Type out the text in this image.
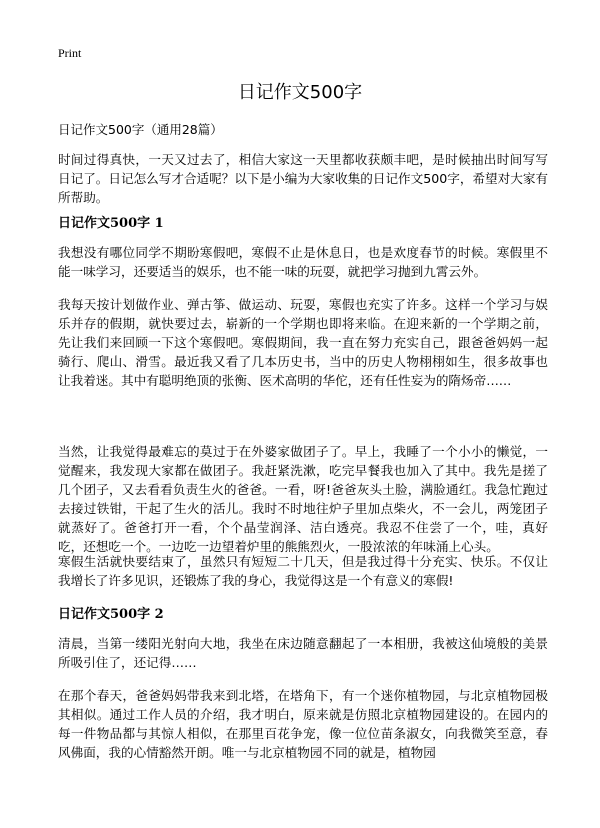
Print
日记作文500字
日记作文500字（通用28篇）

时间过得真快，一天又过去了，相信大家这一天里都收获颇丰吧，是时候抽出时间写写日记了。日记怎么写才合适呢？以下是小编为大家收集的日记作文500字，希望对大家有所帮助。

日记作文500字 1

我想没有哪位同学不期盼寒假吧，寒假不止是休息日，也是欢度春节的时候。寒假里不能一味学习，还要适当的娱乐，也不能一味的玩耍，就把学习抛到九霄云外。

我每天按计划做作业、弹古筝、做运动、玩耍，寒假也充实了许多。这样一个学习与娱乐并存的假期，就快要过去，崭新的一个学期也即将来临。在迎来新的一个学期之前，先让我们来回顾一下这个寒假吧。寒假期间，我一直在努力充实自己，跟爸爸妈妈一起骑行、爬山、滑雪。最近我又看了几本历史书，当中的历史人物栩栩如生，很多故事也让我着迷。其中有聪明绝顶的张衡、医术高明的华佗，还有任性妄为的隋炀帝……

当然，让我觉得最难忘的莫过于在外婆家做团子了。早上，我睡了一个小小的懒觉，一觉醒来，我发现大家都在做团子。我赶紧洗漱，吃完早餐我也加入了其中。我先是搓了几个团子，又去看看负责生火的爸爸。一看，呀!爸爸灰头土脸，满脸通红。我急忙跑过去接过铁钳，干起了生火的活儿。我时不时地往炉子里加点柴火，不一会儿，两笼团子就蒸好了。爸爸打开一看，个个晶莹润泽、洁白透亮。我忍不住尝了一个，哇，真好吃，还想吃一个。一边吃一边望着炉里的熊熊烈火，一股浓浓的年味涌上心头。

寒假生活就快要结束了，虽然只有短短二十几天，但是我过得十分充实、快乐。不仅让我增长了许多见识，还锻炼了我的身心，我觉得这是一个有意义的寒假!

日记作文500字 2

清晨，当第一缕阳光射向大地，我坐在床边随意翻起了一本相册，我被这仙境般的美景所吸引住了，还记得……

在那个春天，爸爸妈妈带我来到北塔，在塔角下，有一个迷你植物园，与北京植物园极其相似。通过工作人员的介绍，我才明白，原来就是仿照北京植物园建设的。在园内的每一件物品都与其惊人相似，在那里百花争宠，像一位位苗条淑女，向我微笑至意，春风佛面，我的心情豁然开朗。唯一与北京植物园不同的就是，植物园
